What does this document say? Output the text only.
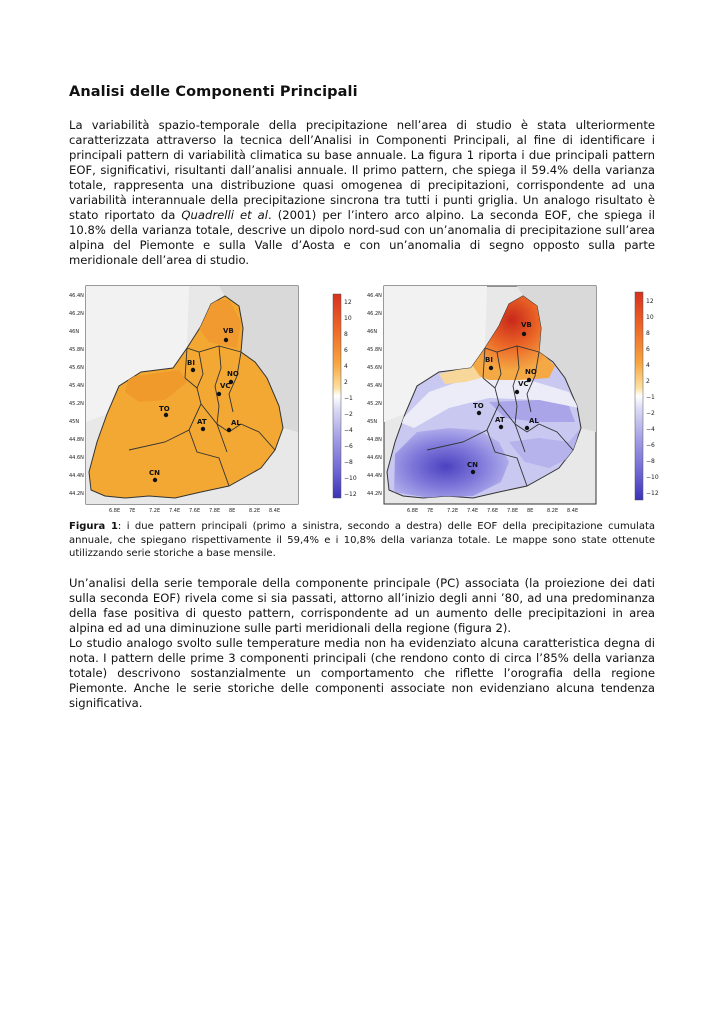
Analisi delle Componenti Principali

La variabilità spazio-temporale della precipitazione nell’area di studio è stata ulteriormente caratterizzata attraverso la tecnica dell’Analisi in Componenti Principali, al fine di identificare i principali pattern di variabilità climatica su base annuale. La figura 1 riporta i due principali pattern EOF, significativi, risultanti dall’analisi annuale. Il primo pattern, che spiega il 59.4% della varianza totale, rappresenta una distribuzione quasi omogenea di precipitazioni, corrispondente ad una variabilità interannuale della precipitazione sincrona tra tutti i punti griglia. Un analogo risultato è stato riportato da Quadrelli et al. (2001) per l’intero arco alpino. La seconda EOF, che spiega il 10.8% della varianza totale, descrive un dipolo nord-sud con un’anomalia di precipitazione sull’area alpina del Piemonte e sulla Valle d’Aosta e con un’anomalia di segno opposto sulla parte meridionale dell’area di studio.

VB
BI
NO
VC
TO
AT	AL
CN
46.4N
46.2N
46N
45.8N
45.6N
45.4N
45.2N
45N
44.8N
44.6N
44.4N
44.2N
6.8E 7E	7.2E 7.4E 7.6E 7.8E 8E	8.2E 8.4E
12
10
8
6
4
2
−1
−2
−4
−6
−8
−10
−12
VB
BI
NO
VC
TO
AT	AL
CN
46.4N
46.2N
46N
45.8N
45.6N
45.4N
45.2N
45N
44.8N
44.6N
44.4N
44.2N
6.8E 7E	7.2E 7.4E 7.6E 7.8E 8E	8.2E 8.4E
12
10
8
6
4
2
−1
−2
−4
−6
−8
−10
−12
Figura 1: i due pattern principali (primo a sinistra, secondo a destra) delle EOF della precipitazione cumulata annuale, che spiegano rispettivamente il 59,4% e i 10,8% della varianza totale. Le mappe sono state ottenute utilizzando serie storiche a base mensile.

Un’analisi della serie temporale della componente principale (PC) associata (la proiezione dei dati sulla seconda EOF) rivela come si sia passati, attorno all’inizio degli anni ’80, ad una predominanza della fase positiva di questo pattern, corrispondente ad un aumento delle precipitazioni in area alpina ed ad una diminuzione sulle parti meridionali della regione (figura 2).

Lo studio analogo svolto sulle temperature media non ha evidenziato alcuna caratteristica degna di nota. I pattern delle prime 3 componenti principali (che rendono conto di circa l’85% della varianza totale) descrivono sostanzialmente un comportamento che riflette l’orografia della regione Piemonte. Anche le serie storiche delle componenti associate non evidenziano alcuna tendenza significativa.
